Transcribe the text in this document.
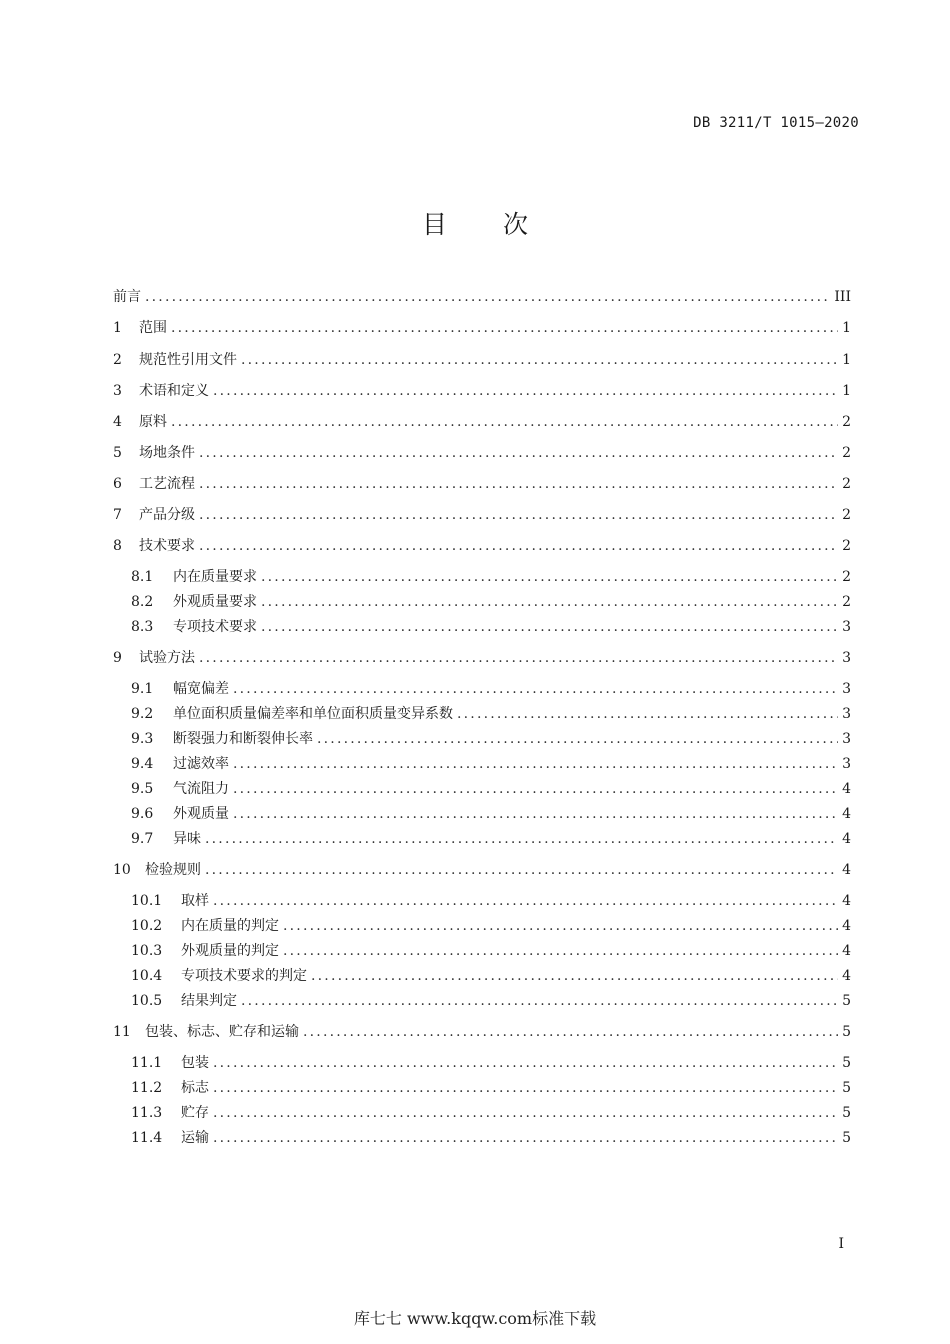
DB 3211/T 1015—2020
目 次
前言 .....	III
1	范围 .....	1
2	规范性引用文件 .....	1
3	术语和定义 .....	1
4	原料 .....	2
5	场地条件 .....	2
6	工艺流程 .....	2
7	产品分级 .....	2
8	技术要求 .....	2
8.1	内在质量要求 .....	2
8.2	外观质量要求 .....	2
8.3	专项技术要求 .....	3
9	试验方法 .....	3
9.1	幅宽偏差 .....	3
9.2	单位面积质量偏差率和单位面积质量变异系数 .....	3
9.3	断裂强力和断裂伸长率 .....	3
9.4	过滤效率 .....	3
9.5	气流阻力 .....	4
9.6	外观质量 .....	4
9.7	异味 .....	4
10	检验规则 .....	4
10.1	取样 .....	4
10.2	内在质量的判定 .....	4
10.3	外观质量的判定 .....	4
10.4	专项技术要求的判定 .....	4
10.5	结果判定 .....	5
11	包装、标志、贮存和运输 .....	5
11.1	包装 .....	5
11.2	标志 .....	5
11.3	贮存 .....	5
11.4	运输 .....	5
I
库七七 www.kqqw.com标准下载
